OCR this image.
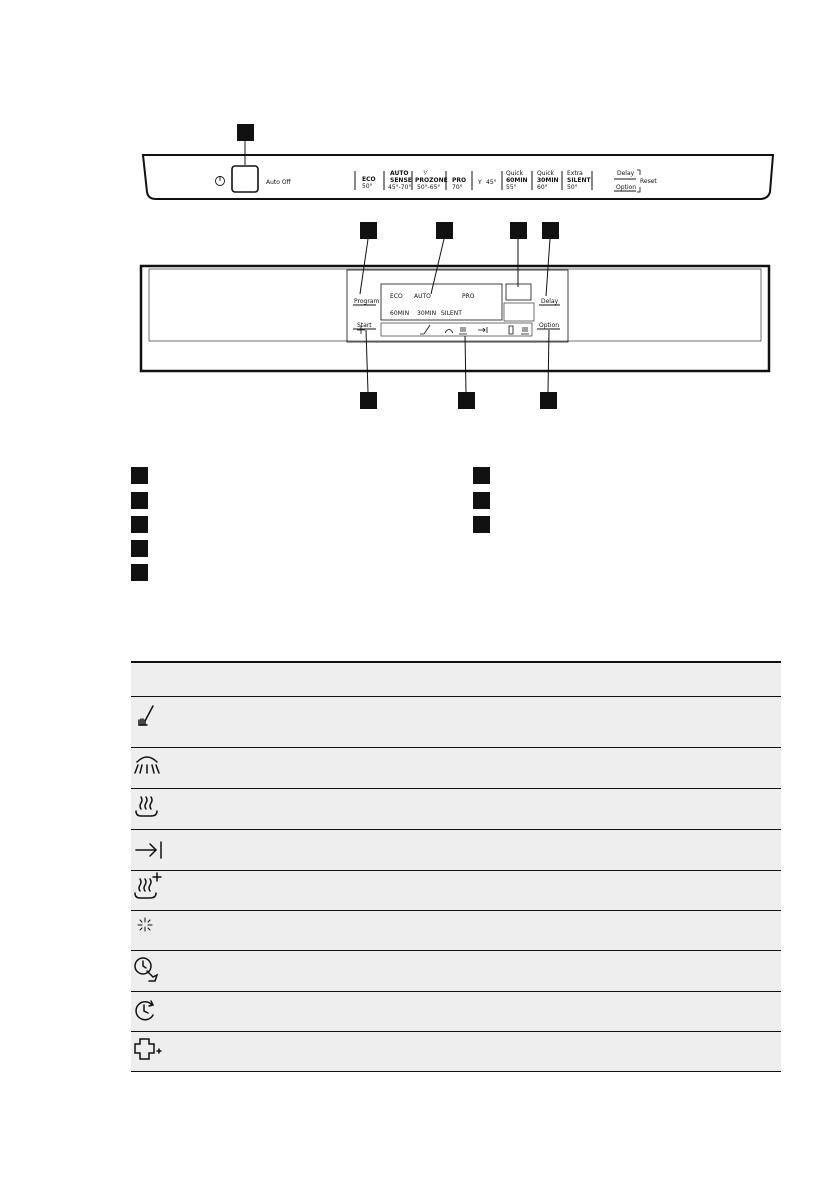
Auto Off	ECO
50°
AUTO
SENSE
45°-70°
⅟
PROZONE
50°-65°
PRO
70°
Y 45°
Quick
60MIN
55°
Quick
30MIN
60°
Extra
SILENT
50°
Delay
Option
Reset
Program
Start
Delay
Option
ECO AUTO	PRO
60MIN 30MIN SILENT
